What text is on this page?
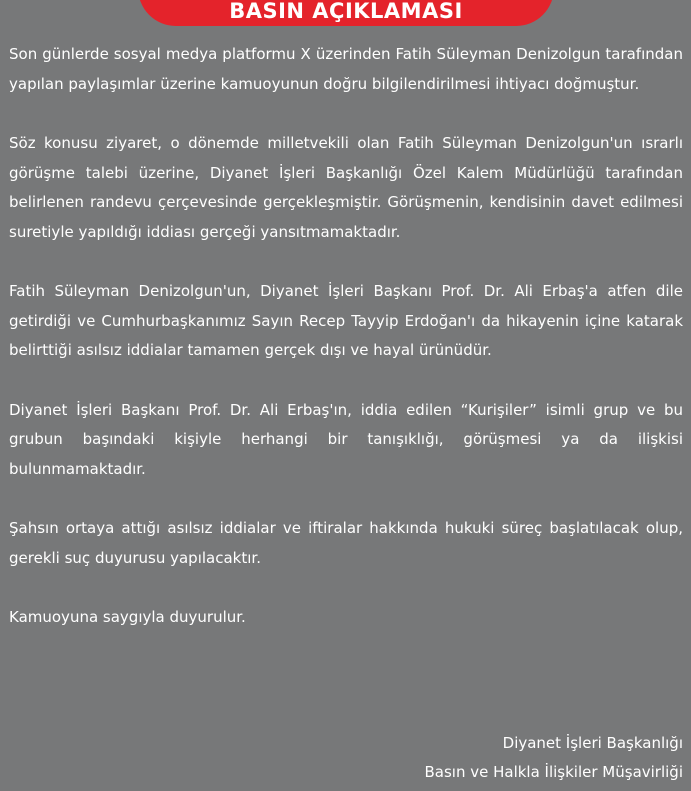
BASIN AÇIKLAMASI

Son günlerde sosyal medya platformu X üzerinden Fatih Süleyman Denizolgun tarafından yapılan paylaşımlar üzerine kamuoyunun doğru bilgilendirilmesi ihtiyacı doğmuştur.

Söz konusu ziyaret, o dönemde milletvekili olan Fatih Süleyman Denizolgun'un ısrarlı görüşme talebi üzerine, Diyanet İşleri Başkanlığı Özel Kalem Müdürlüğü tarafından belirlenen randevu çerçevesinde gerçekleşmiştir. Görüşmenin, kendisinin davet edilmesi suretiyle yapıldığı iddiası gerçeği yansıtmamaktadır.

Fatih Süleyman Denizolgun'un, Diyanet İşleri Başkanı Prof. Dr. Ali Erbaş'a atfen dile getirdiği ve Cumhurbaşkanımız Sayın Recep Tayyip Erdoğan'ı da hikayenin içine katarak belirttiği asılsız iddialar tamamen gerçek dışı ve hayal ürünüdür.

Diyanet İşleri Başkanı Prof. Dr. Ali Erbaş'ın, iddia edilen “Kurişiler” isimli grup ve bu grubun başındaki kişiyle herhangi bir tanışıklığı, görüşmesi ya da ilişkisi bulunmamaktadır.

Şahsın ortaya attığı asılsız iddialar ve iftiralar hakkında hukuki süreç başlatılacak olup, gerekli suç duyurusu yapılacaktır.

Kamuoyuna saygıyla duyurulur.

Diyanet İşleri Başkanlığı
Basın ve Halkla İlişkiler Müşavirliği
